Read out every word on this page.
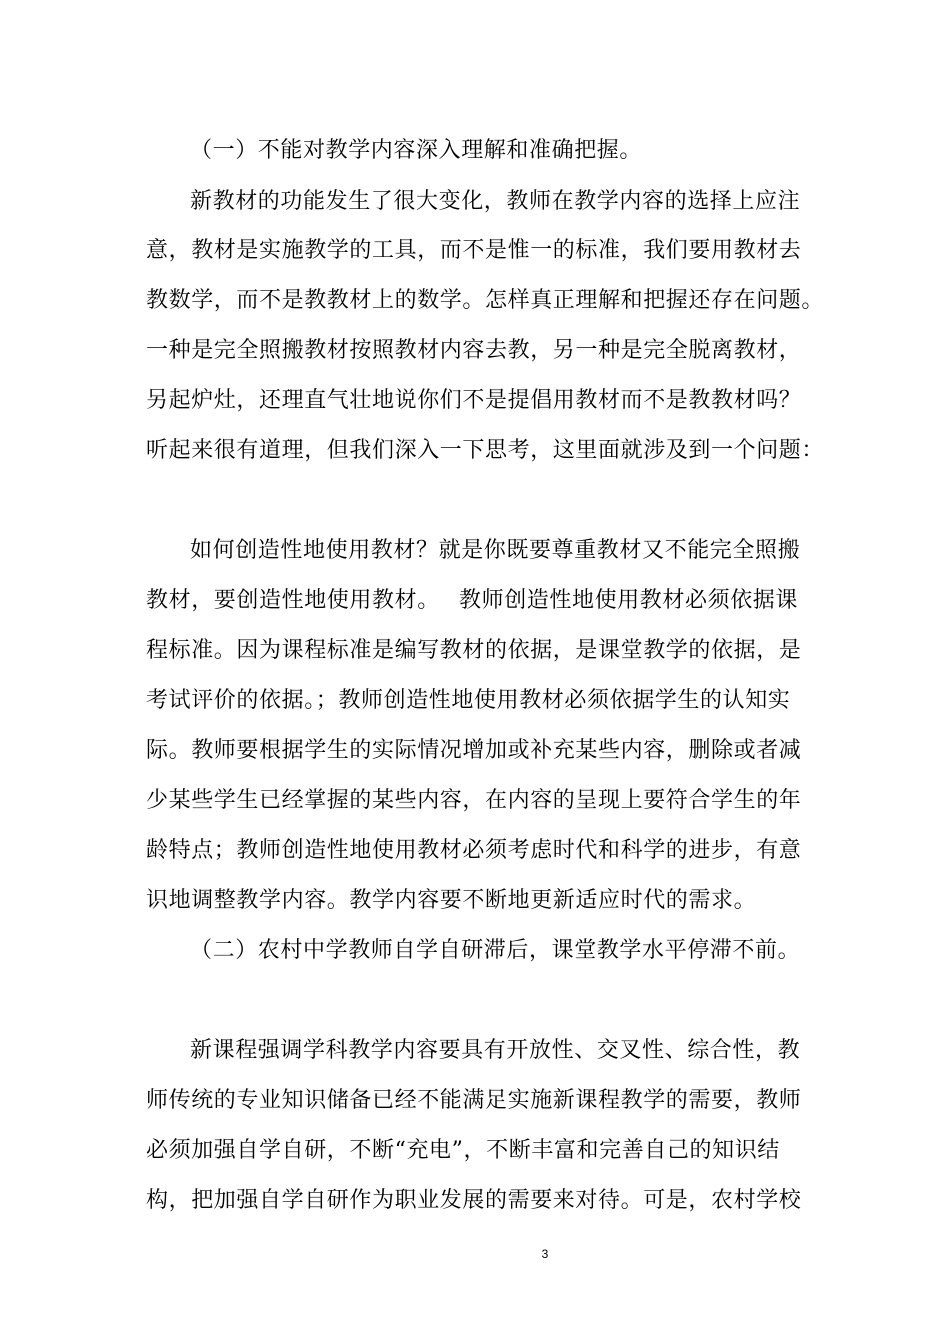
（一）不能对教学内容深入理解和准确把握。
新教材的功能发生了很大变化，教师在教学内容的选择上应注
意，教材是实施教学的工具，而不是惟一的标准，我们要用教材去
教数学，而不是教教材上的数学。怎样真正理解和把握还存在问题。
一种是完全照搬教材按照教材内容去教，另一种是完全脱离教材，
另起炉灶，还理直气壮地说你们不是提倡用教材而不是教教材吗？
听起来很有道理，但我们深入一下思考，这里面就涉及到一个问题：
如何创造性地使用教材？就是你既要尊重教材又不能完全照搬
教材，要创造性地使用教材。　 教师创造性地使用教材必须依据课
程标准。因为课程标准是编写教材的依据，是课堂教学的依据，是
考试评价的依据。；教师创造性地使用教材必须依据学生的认知实
际。教师要根据学生的实际情况增加或补充某些内容，删除或者减
少某些学生已经掌握的某些内容，在内容的呈现上要符合学生的年
龄特点；教师创造性地使用教材必须考虑时代和科学的进步，有意
识地调整教学内容。教学内容要不断地更新适应时代的需求。
（二）农村中学教师自学自研滞后，课堂教学水平停滞不前。
新课程强调学科教学内容要具有开放性、交叉性、综合性，教
师传统的专业知识储备已经不能满足实施新课程教学的需要，教师
必须加强自学自研，不断“充电”，不断丰富和完善自己的知识结
构，把加强自学自研作为职业发展的需要来对待。可是，农村学校
3
